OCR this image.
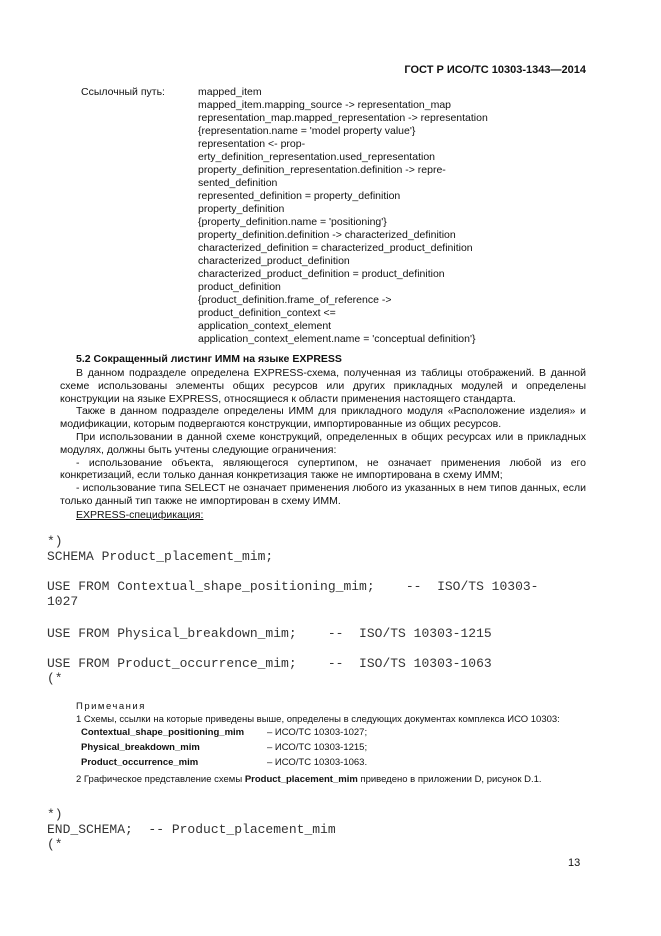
ГОСТ Р ИСО/ТС 10303-1343—2014
Ссылочный путь:	mapped_item
mapped_item.mapping_source -> representation_map
representation_map.mapped_representation -> representation
{representation.name = 'model property value'}
representation <- prop-
erty_definition_representation.used_representation
property_definition_representation.definition -> repre-
sented_definition
represented_definition = property_definition
property_definition
{property_definition.name = 'positioning'}
property_definition.definition -> characterized_definition
characterized_definition = characterized_product_definition
characterized_product_definition
characterized_product_definition = product_definition
product_definition
{product_definition.frame_of_reference ->
product_definition_context <=
application_context_element
application_context_element.name = 'conceptual definition'}
5.2 Сокращенный листинг ИММ на языке EXPRESS

В данном подразделе определена EXPRESS-схема, полученная из таблицы отображений. В данной схеме использованы элементы общих ресурсов или других прикладных модулей и определены конструкции на языке EXPRESS, относящиеся к области применения настоящего стандарта.

Также в данном подразделе определены ИММ для прикладного модуля «Расположение изделия» и модификации, которым подвергаются конструкции, импортированные из общих ресурсов.

При использовании в данной схеме конструкций, определенных в общих ресурсах или в прикладных модулях, должны быть учтены следующие ограничения:

- использование объекта, являющегося супертипом, не означает применения любой из его конкретизаций, если только данная конкретизация также не импортирована в схему ИММ;

- использование типа SELECT не означает применения любого из указанных в нем типов данных, если только данный тип также не импортирован в схему ИММ.

EXPRESS-спецификация:
*)
SCHEMA Product_placement_mim;
USE FROM Contextual_shape_positioning_mim;    --  ISO/TS 10303-
1027
USE FROM Physical_breakdown_mim;    --  ISO/TS 10303-1215
USE FROM Product_occurrence_mim;    --  ISO/TS 10303-1063
(*
Примечания
1 Схемы, ссылки на которые приведены выше, определены в следующих документах комплекса ИСО 10303:
Contextual_shape_positioning_mim – ИСО/ТС 10303-1027;
Physical_breakdown_mim	– ИСО/ТС 10303-1215;
Product_occurrence_mim	– ИСО/ТС 10303-1063.
2 Графическое представление схемы Product_placement_mim приведено в приложении D, рисунок D.1.
*)
END_SCHEMA;  -- Product_placement_mim
(*
13
